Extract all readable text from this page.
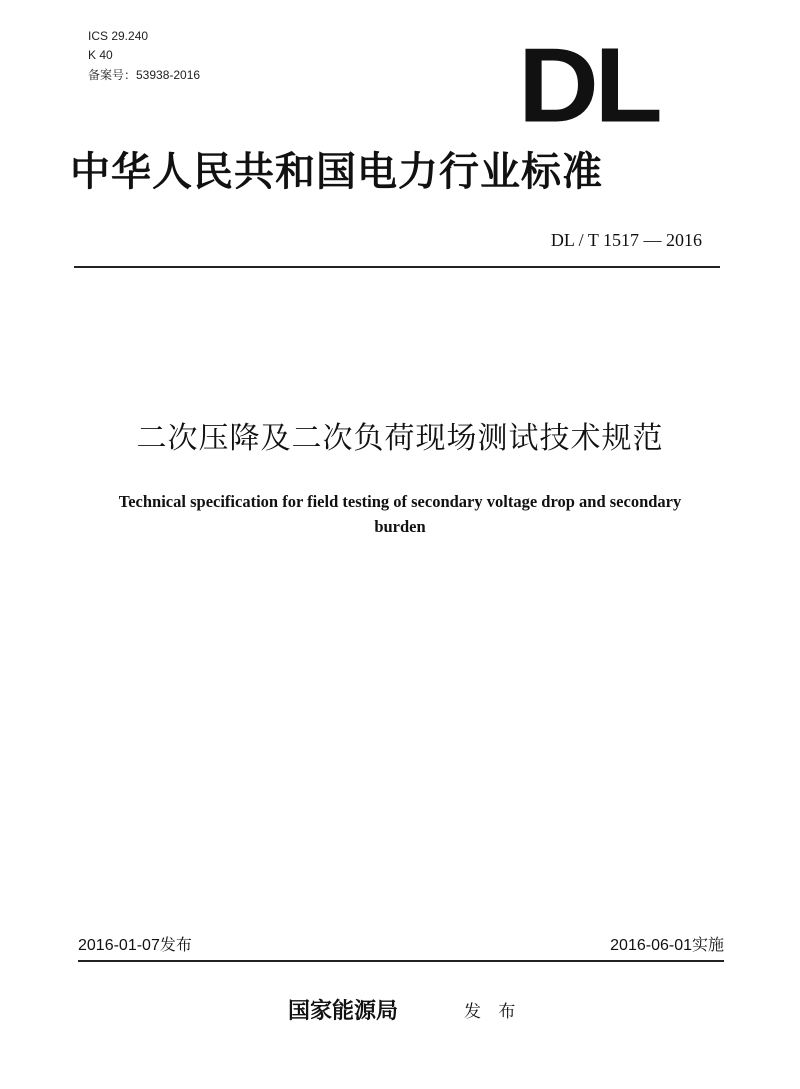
ICS 29.240
K 40
备案号：53938-2016	DL
中华人民共和国电力行业标准
DL / T 1517 — 2016
二次压降及二次负荷现场测试技术规范
Technical specification for field testing of secondary voltage drop and secondary burden
2016-01-07发布	2016-06-01实施
国家能源局	发 布
